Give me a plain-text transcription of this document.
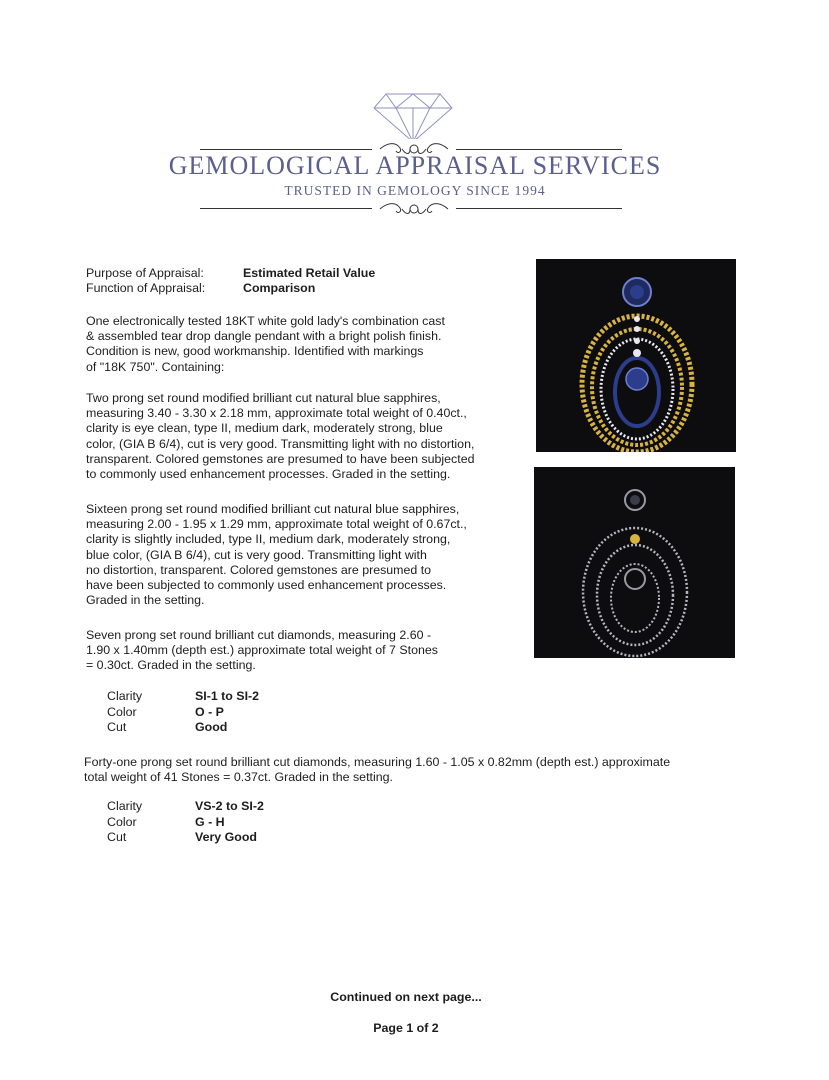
GEMOLOGICAL APPRAISAL SERVICES
TRUSTED IN GEMOLOGY SINCE 1994
Purpose of Appraisal:	Estimated Retail Value
Function of Appraisal:	Comparison
One electronically tested 18KT white gold lady's combination cast
& assembled tear drop dangle pendant with a bright polish finish.
Condition is new, good workmanship. Identified with markings
of "18K 750". Containing:
Two prong set round modified brilliant cut natural blue sapphires,
measuring 3.40 - 3.30 x 2.18 mm, approximate total weight of 0.40ct.,
clarity is eye clean, type II, medium dark, moderately strong, blue
color, (GIA B 6/4), cut is very good. Transmitting light with no distortion,
transparent. Colored gemstones are presumed to have been subjected
to commonly used enhancement processes. Graded in the setting.
Sixteen prong set round modified brilliant cut natural blue sapphires,
measuring 2.00 - 1.95 x 1.29 mm, approximate total weight of 0.67ct.,
clarity is slightly included, type II, medium dark, moderately strong,
blue color, (GIA B 6/4), cut is very good. Transmitting light with
no distortion, transparent. Colored gemstones are presumed to
have been subjected to commonly used enhancement processes.
Graded in the setting.
Seven prong set round brilliant cut diamonds, measuring 2.60 -
1.90 x 1.40mm (depth est.) approximate total weight of 7 Stones
= 0.30ct. Graded in the setting.
Clarity	SI-1 to SI-2
Color	O - P
Cut	Good
Forty-one prong set round brilliant cut diamonds, measuring 1.60 - 1.05 x 0.82mm (depth est.) approximate
total weight of 41 Stones = 0.37ct. Graded in the setting.
Clarity	VS-2 to SI-2
Color	G - H
Cut	Very Good
Continued on next page...
Page 1 of 2
